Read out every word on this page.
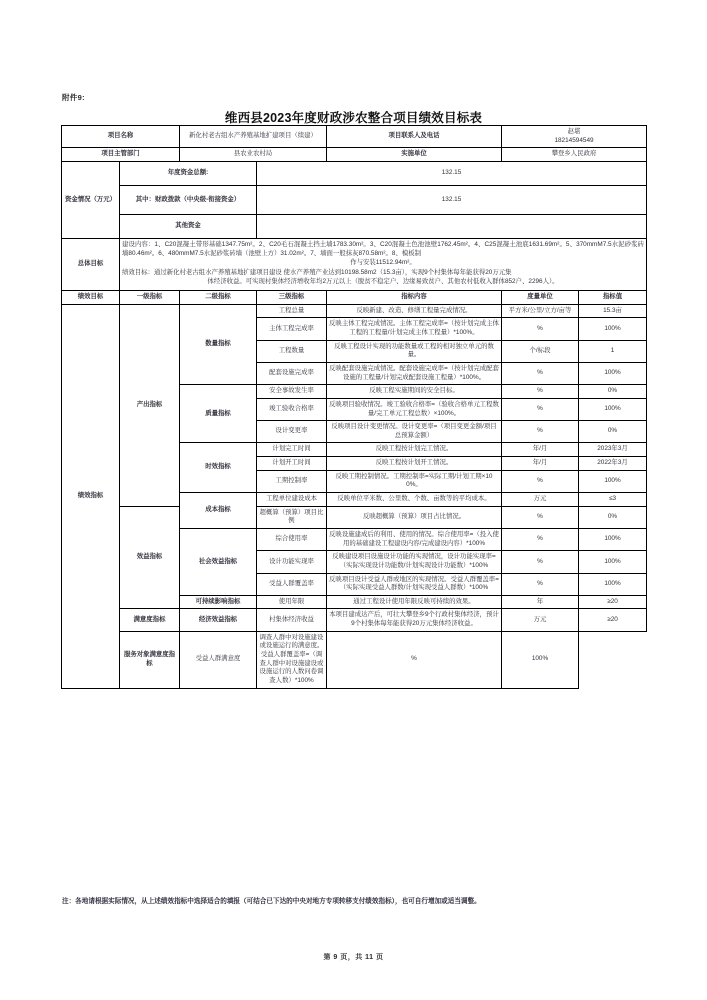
附件9:
维西县2023年度财政涉农整合项目绩效目标表
项目名称		新化村老古组水产养殖基地扩建项目（续建）		项目联系人及电话	赵堪
18214594549	

项目主管部门		县农业农村局		实施单位	攀登乡人民政府	
资金情况（万元）	年度资金总额:		132.15			
	其中：财政拨款（中央级-衔接资金）		132.15			
	其他资金					
总体目标	建设内容：1、C20混凝土带形基础1347.75m²。2、C20毛石混凝土挡土墙1783.30m²。3、C20混凝土色池池壁1762.45m²。4、C25混凝土池底1631.69m²。5、370mmM7.5水泥砂浆砖墙80.46m²。6、480mmM7.5水泥砂浆砖墙（池壁上方）31.02m²。7、墙面一般抹灰870.58m²。8、模板制

作与安装11512.94m²。

绩效目标：通过新化村老古组水产养殖基地扩建项目建设 使水产养殖产业达到10198.58m2（15.3亩），实现9个村集体每年能获得20万元集

体经济收益。可实现村集体经济增收年均2万元以上（脱贫不稳定户、边缘易致贫户、其他农村低收入群体852户、2296人）。					

绩效目标	一级指标	二级指标	三级指标	指标内容	度量单位	指标值
绩效指标	产出指标	数量指标	工程总量	反映新建、改造、修缮工程量完成情况。	平方米/公里/立方/亩等	15.3亩
			主体工程完成率	反映主体工程完成情况。主体工程完成率=（按计划完成主体工程的工程量/计划完成主体工程量）*100%。	%	100%
			工程数量	反映工程设计实现的功能数量或工程的相对独立单元的数量。	个/标段	1
			配套设施完成率	反映配套设施完成情况。配套设施完成率=（按计划完成配套设施的工程量/计划完成配套设施工程量）*100%。	%	100%
		质量指标	安全事故发生率	反映工程实施期间的安全目标。	%	0%
			竣工验收合格率	反映项目验收情况。竣工验收合格率=（验收合格单元工程数量/完工单元工程总数）×100%。	%	100%
			设计变更率	反映项目设计变更情况。设计变更率=（项目变更金额/项目总预算金额）	%	0%
		时效指标	计划完工时间	反映工程按计划完工情况。	年/月	2023年3月
			计划开工时间	反映工程按计划开工情况。	年/月	2022年3月
			工期控制率	反映工期控制情况。工期控制率=实际工期/计划工期×100%。	%	100%
		成本指标	工程单位建设成本	反映单位平米数、公里数、个数、亩数等的平均成本。	万元	≤3
	效益指标		超概算（预算）项目比例	反映超概算（预算）项目占比情况。	%	0%
		社会效益指标	综合使用率	反映设施建成后的利用、使用的情况。综合使用率=（投入使用的基础建设工程建设内容/完成建设内容）*100%	%	100%
			设计功能实现率	反映建设项目设施设计功能的实现情况，设计功能实现率=（实际实现设计功能数/计划实现设计功能数）*100%	%	100%
			受益人群覆盖率	反映项目设计受益人群或地区的实现情况。受益人群覆盖率=（实际实现受益人群数/计划实现受益人群数）*100%	%	100%
		可持续影响指标	使用年限	通过工程设计使用年限反映可持续的效果。	年	≥20
	满意度指标	经济效益指标	村集体经济收益	本项目建成达产后，可壮大攀登乡9个行政村集体经济，预计9个村集体每年能获得20万元集体经济收益。	万元	≥20
	服务对象满意度指标	受益人群满意度	调查人群中对设施建设或设施运行的满意度。受益人群覆盖率=（调查人群中对设施建设或设施运行的人数问卷调查人数）*100%	%	100%	
注：各地请根据实际情况，从上述绩效指标中选择适合的填报（可结合已下达的中央对地方专项转移支付绩效指标），也可自行增加或适当调整。
第 9 页，共 11 页
